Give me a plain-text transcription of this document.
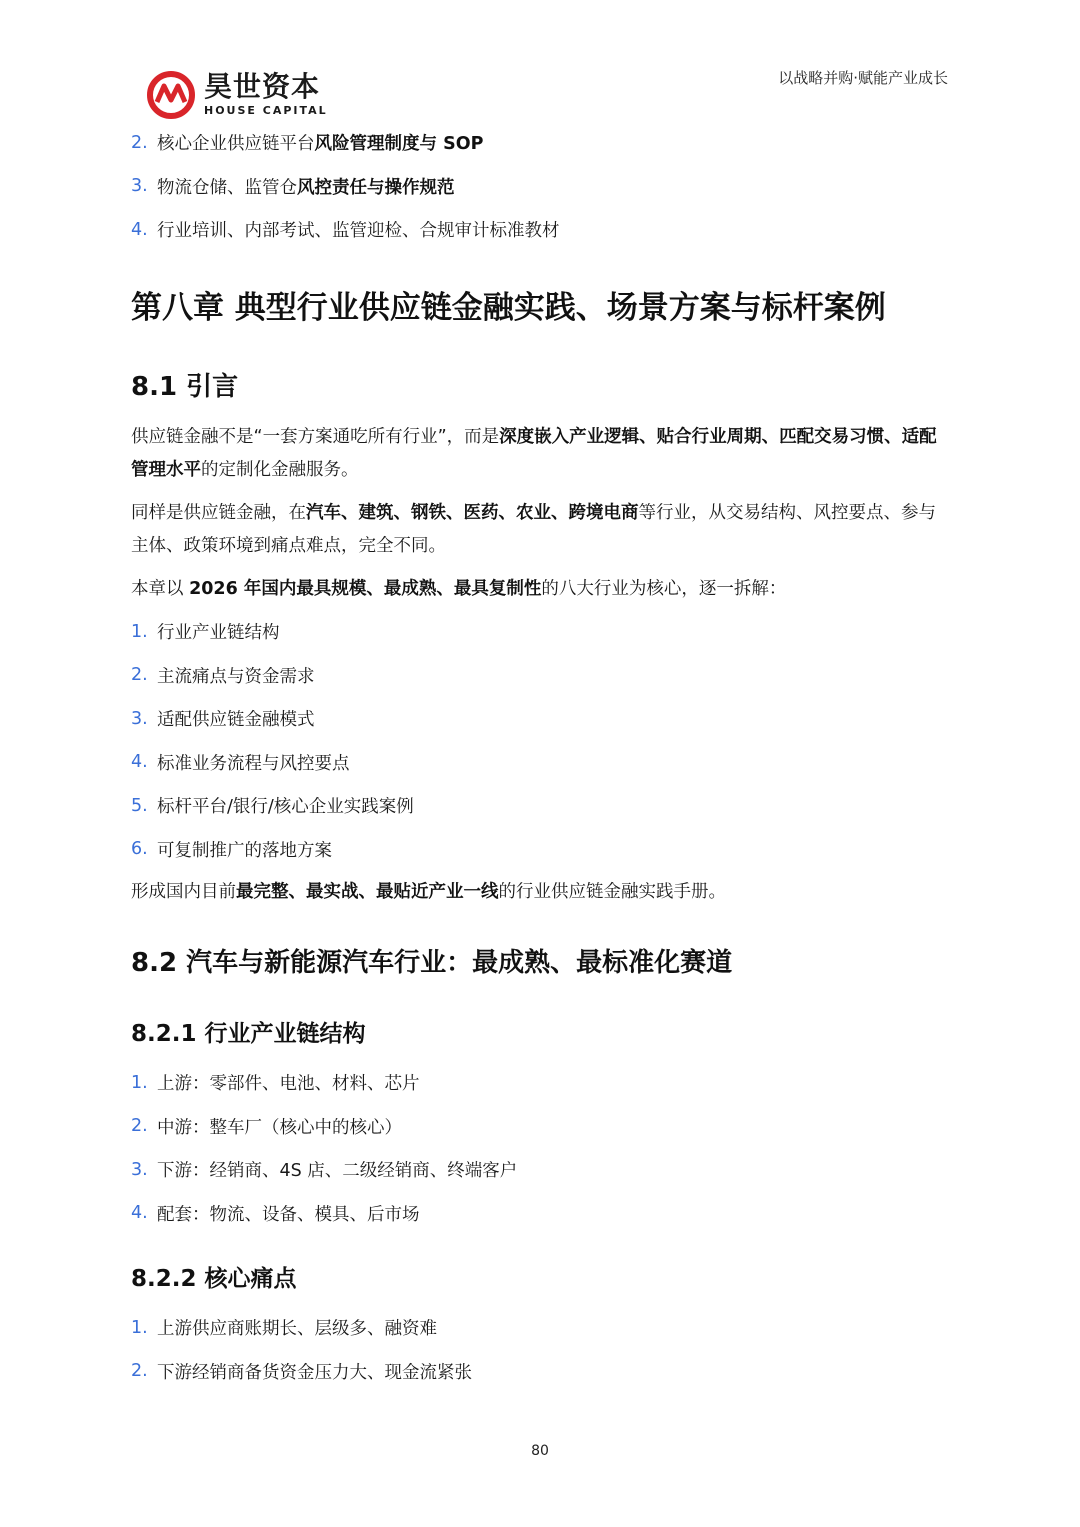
昊世资本
HOUSE CAPITAL
以战略并购·赋能产业成长
2. 核心企业供应链平台风险管理制度与 SOP
3. 物流仓储、监管仓风控责任与操作规范
4. 行业培训、内部考试、监管迎检、合规审计标准教材
第八章 典型行业供应链金融实践、场景方案与标杆案例
8.1 引言
供应链金融不是“一套方案通吃所有行业”，而是深度嵌入产业逻辑、贴合行业周期、匹配交易习惯、适配管理水平的定制化金融服务。
同样是供应链金融，在汽车、建筑、钢铁、医药、农业、跨境电商等行业，从交易结构、风控要点、参与主体、政策环境到痛点难点，完全不同。
本章以 2026 年国内最具规模、最成熟、最具复制性的八大行业为核心，逐一拆解：
1. 行业产业链结构
2. 主流痛点与资金需求
3. 适配供应链金融模式
4. 标准业务流程与风控要点
5. 标杆平台/银行/核心企业实践案例
6. 可复制推广的落地方案
形成国内目前最完整、最实战、最贴近产业一线的行业供应链金融实践手册。
8.2 汽车与新能源汽车行业：最成熟、最标准化赛道
8.2.1 行业产业链结构
1. 上游：零部件、电池、材料、芯片
2. 中游：整车厂（核心中的核心）
3. 下游：经销商、4S 店、二级经销商、终端客户
4. 配套：物流、设备、模具、后市场
8.2.2 核心痛点
1. 上游供应商账期长、层级多、融资难
2. 下游经销商备货资金压力大、现金流紧张
80
